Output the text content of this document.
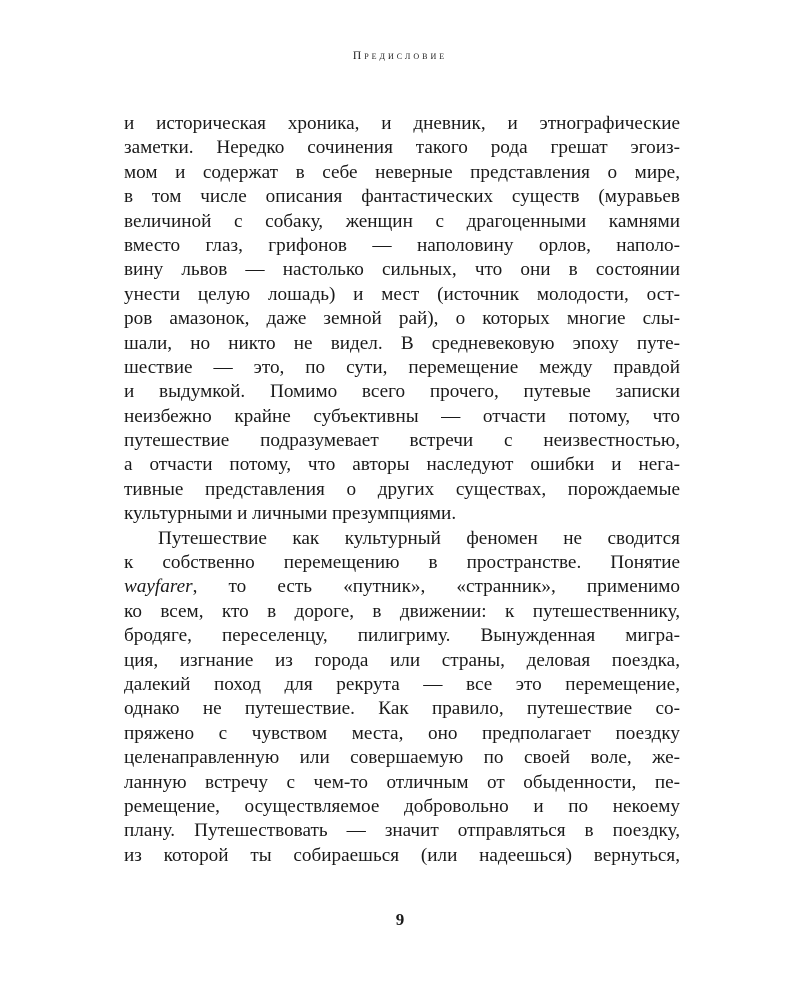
Предисловие
и историческая хроника, и дневник, и этнографические
заметки. Нередко сочинения такого рода грешат эгоиз-
мом и содержат в себе неверные представления о мире,
в том числе описания фантастических существ (муравьев
величиной с собаку, женщин с драгоценными камнями
вместо глаз, грифонов — наполовину орлов, наполо-
вину львов — настолько сильных, что они в состоянии
унести целую лошадь) и мест (источник молодости, ост-
ров амазонок, даже земной рай), о которых многие слы-
шали, но никто не видел. В средневековую эпоху путе-
шествие — это, по сути, перемещение между правдой
и выдумкой. Помимо всего прочего, путевые записки
неизбежно крайне субъективны — отчасти потому, что
путешествие подразумевает встречи с неизвестностью,
а отчасти потому, что авторы наследуют ошибки и нега-
тивные представления о других существах, порождаемые
культурными и личными презумпциями.
Путешествие как культурный феномен не сводится
к собственно перемещению в пространстве. Понятие
wayfarer, то есть «путник», «странник», применимо
ко всем, кто в дороге, в движении: к путешественнику,
бродяге, переселенцу, пилигриму. Вынужденная мигра-
ция, изгнание из города или страны, деловая поездка,
далекий поход для рекрута — все это перемещение,
однако не путешествие. Как правило, путешествие со-
пряжено с чувством места, оно предполагает поездку
целенаправленную или совершаемую по своей воле, же-
ланную встречу с чем-то отличным от обыденности, пе-
ремещение, осуществляемое добровольно и по некоему
плану. Путешествовать — значит отправляться в поездку,
из которой ты собираешься (или надеешься) вернуться,
9
